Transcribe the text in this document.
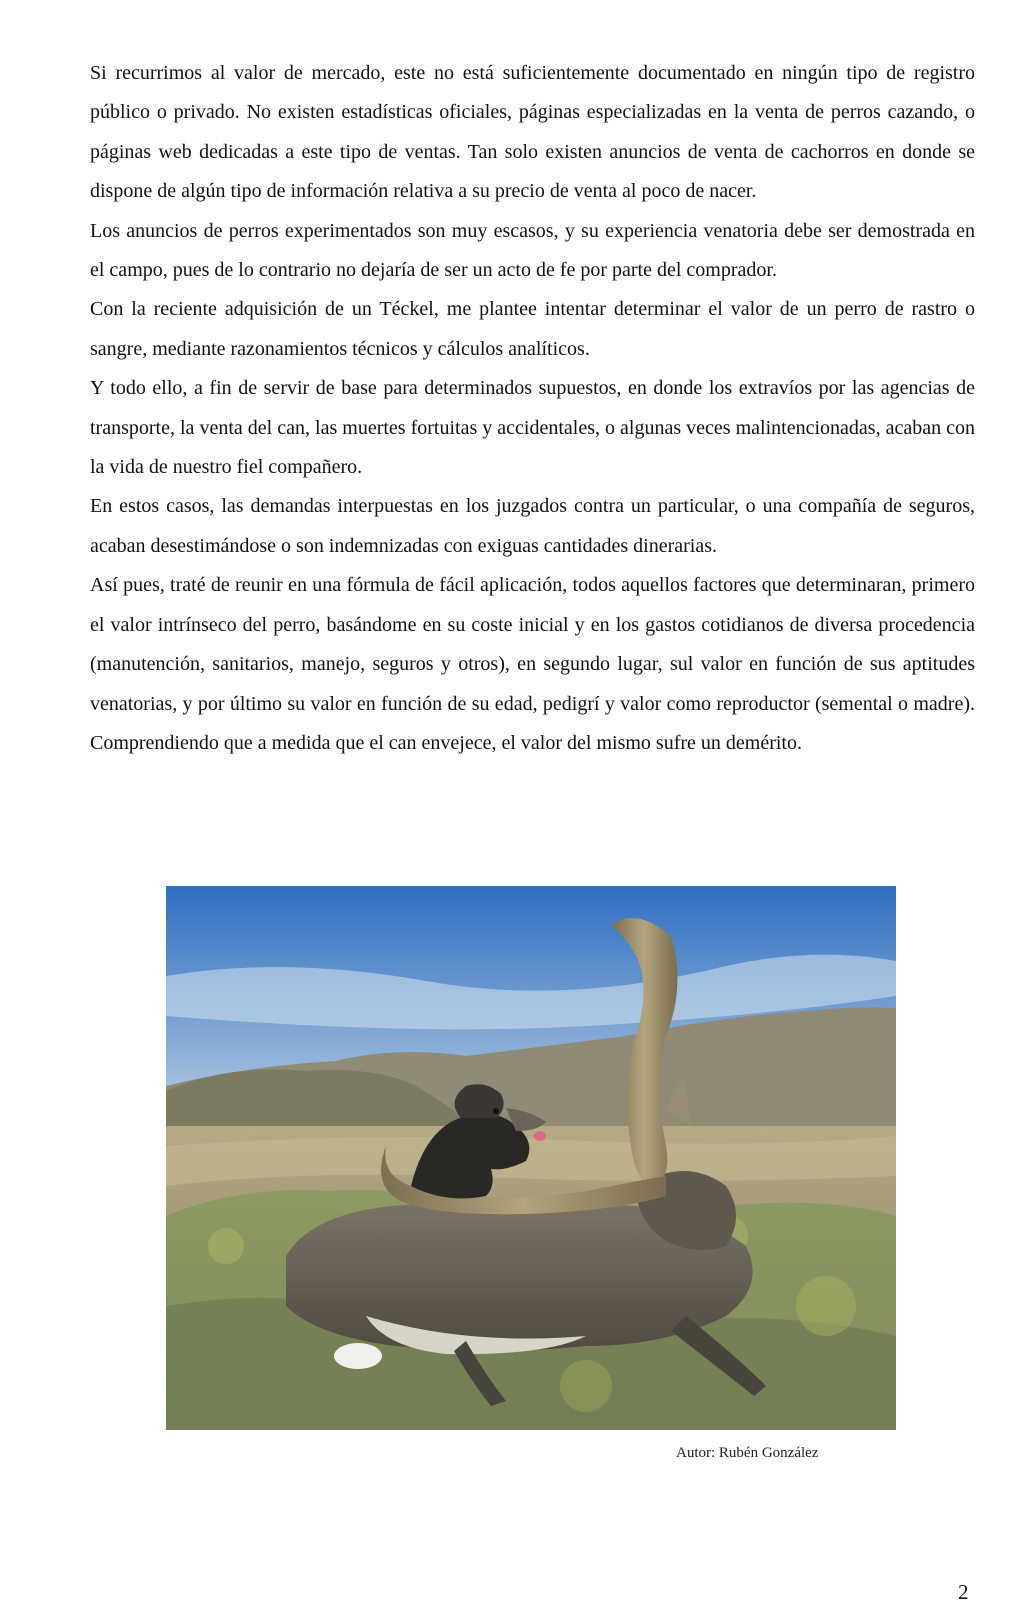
Si recurrimos al valor de mercado, este no está suficientemente documentado en ningún tipo de registro público o privado. No existen estadísticas oficiales, páginas especializadas en la venta de perros cazando, o páginas web dedicadas a este tipo de ventas. Tan solo existen anuncios de venta de cachorros en donde se dispone de algún tipo de información relativa a su precio de venta al poco de nacer.

Los anuncios de perros experimentados son muy escasos, y su experiencia venatoria debe ser demostrada en el campo, pues de lo contrario no dejaría de ser un acto de fe por parte del comprador.

Con la reciente adquisición de un Téckel, me plantee intentar determinar el valor de un perro de rastro o sangre, mediante razonamientos técnicos y cálculos analíticos.

Y todo ello, a fin de servir de base para determinados supuestos, en donde los extravíos por las agencias de transporte, la venta del can, las muertes fortuitas y accidentales, o algunas veces malintencionadas, acaban con la vida de nuestro fiel compañero.

En estos casos, las demandas interpuestas en los juzgados contra un particular, o una compañía de seguros, acaban desestimándose o son indemnizadas con exiguas cantidades dinerarias.

Así pues, traté de reunir en una fórmula de fácil aplicación, todos aquellos factores que determinaran, primero el valor intrínseco del perro, basándome en su coste inicial y en los gastos cotidianos de diversa procedencia (manutención, sanitarios, manejo, seguros y otros), en segundo lugar, sul valor en función de sus aptitudes venatorias, y por último su valor en función de su edad, pedigrí y valor como reproductor (semental o madre). Comprendiendo que a medida que el can envejece, el valor del mismo sufre un demérito.

Autor: Rubén González
2
